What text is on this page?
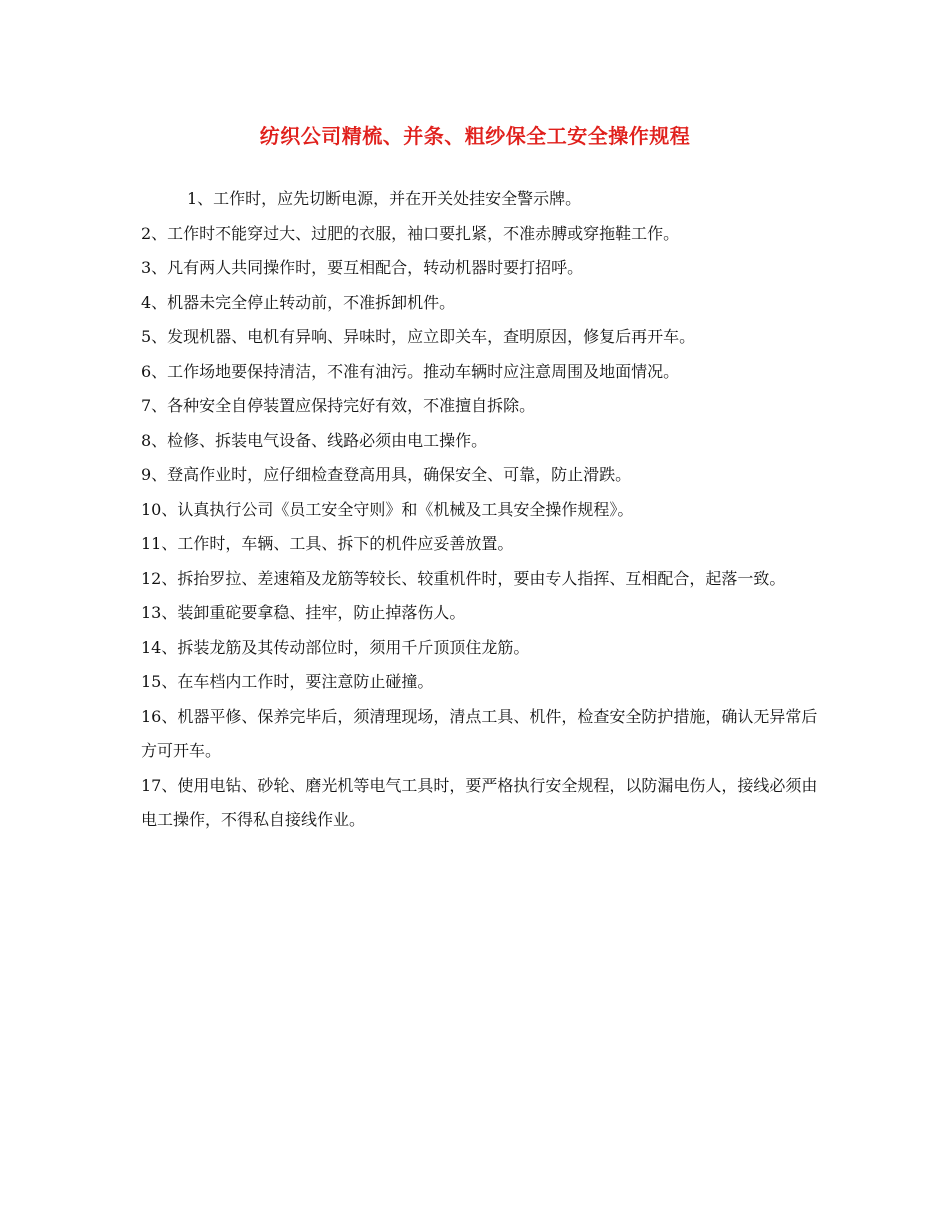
纺织公司精梳、并条、粗纱保全工安全操作规程
1、工作时，应先切断电源，并在开关处挂安全警示牌。
2、工作时不能穿过大、过肥的衣服，袖口要扎紧，不准赤膊或穿拖鞋工作。
3、凡有两人共同操作时，要互相配合，转动机器时要打招呼。
4、机器未完全停止转动前，不准拆卸机件。
5、发现机器、电机有异响、异味时，应立即关车，查明原因，修复后再开车。
6、工作场地要保持清洁，不准有油污。推动车辆时应注意周围及地面情况。
7、各种安全自停装置应保持完好有效，不准擅自拆除。
8、检修、拆装电气设备、线路必须由电工操作。
9、登高作业时，应仔细检查登高用具，确保安全、可靠，防止滑跌。
10、认真执行公司《员工安全守则》和《机械及工具安全操作规程》。
11、工作时，车辆、工具、拆下的机件应妥善放置。
12、拆抬罗拉、差速箱及龙筋等较长、较重机件时，要由专人指挥、互相配合，起落一致。
13、装卸重砣要拿稳、挂牢，防止掉落伤人。
14、拆装龙筋及其传动部位时，须用千斤顶顶住龙筋。
15、在车档内工作时，要注意防止碰撞。
16、机器平修、保养完毕后，须清理现场，清点工具、机件，检查安全防护措施，确认无异常后方可开车。
17、使用电钻、砂轮、磨光机等电气工具时，要严格执行安全规程，以防漏电伤人，接线必须由电工操作，不得私自接线作业。
